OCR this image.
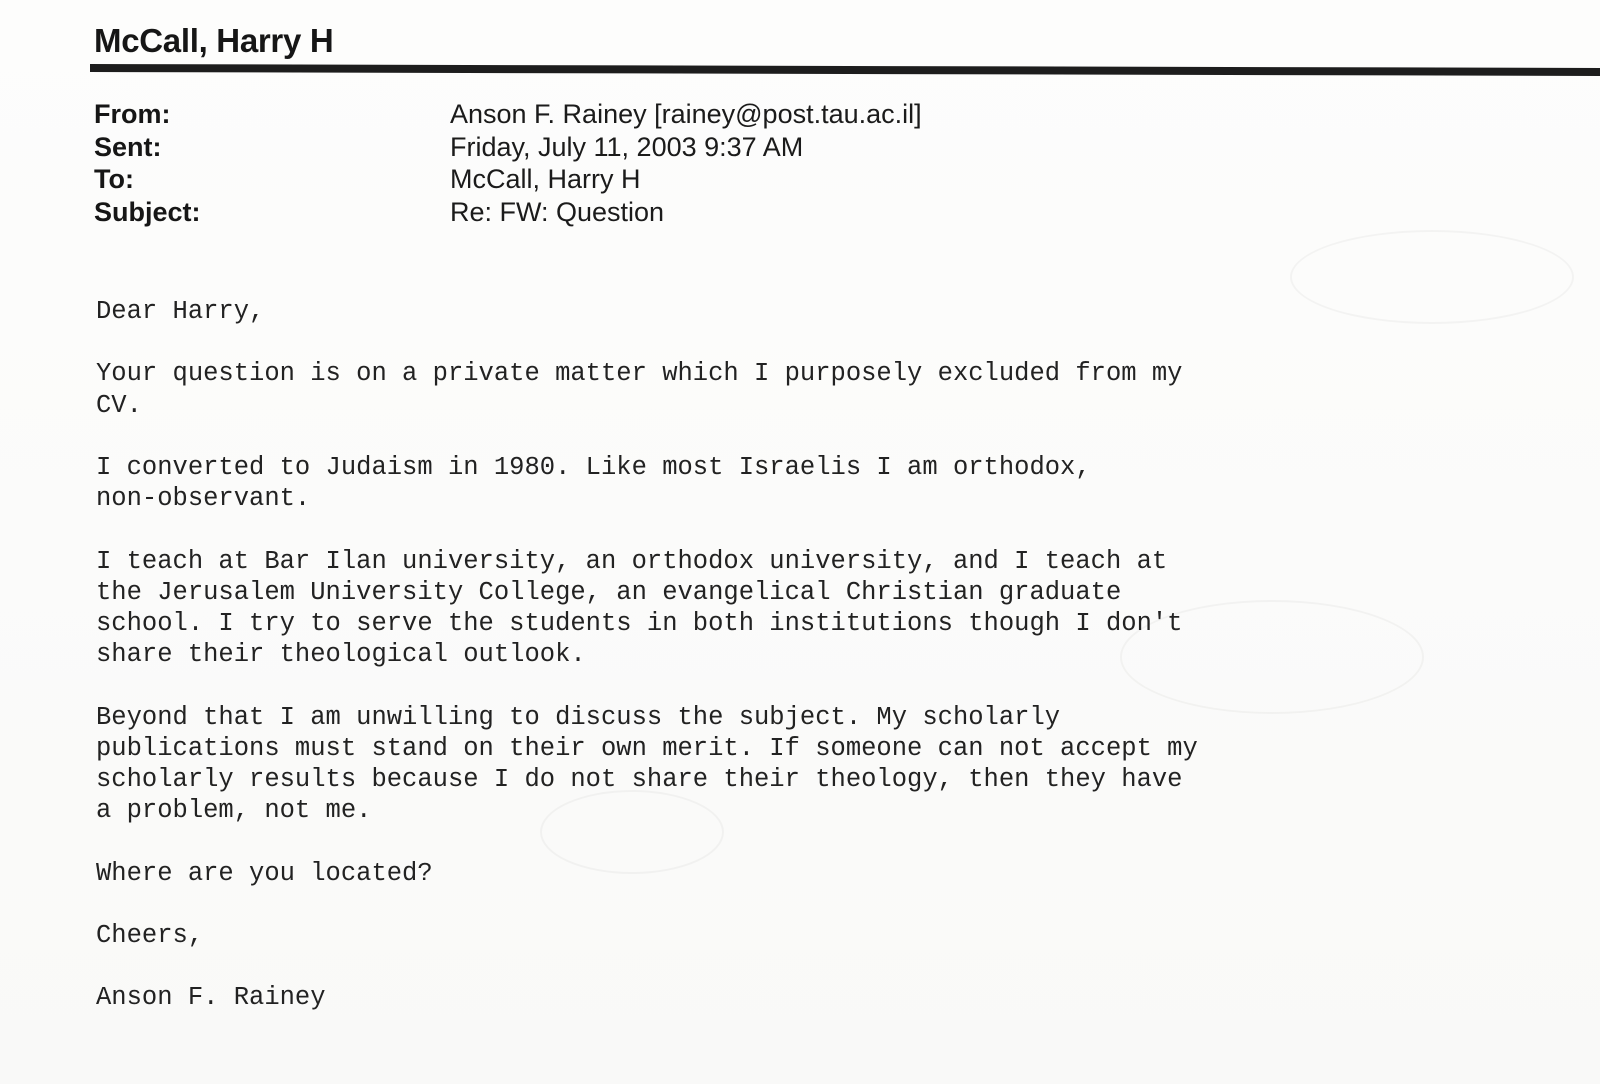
McCall, Harry H
From:	Anson F. Rainey [rainey@post.tau.ac.il]
Sent:	Friday, July 11, 2003 9:37 AM
To:	McCall, Harry H
Subject:	Re: FW: Question

Dear Harry,

Your question is on a private matter which I purposely excluded from my
CV.

I converted to Judaism in 1980. Like most Israelis I am orthodox,
non-observant.

I teach at Bar Ilan university, an orthodox university, and I teach at
the Jerusalem University College, an evangelical Christian graduate
school. I try to serve the students in both institutions though I don't
share their theological outlook.

Beyond that I am unwilling to discuss the subject. My scholarly
publications must stand on their own merit. If someone can not accept my
scholarly results because I do not share their theology, then they have
a problem, not me.

Where are you located?

Cheers,

Anson F. Rainey
